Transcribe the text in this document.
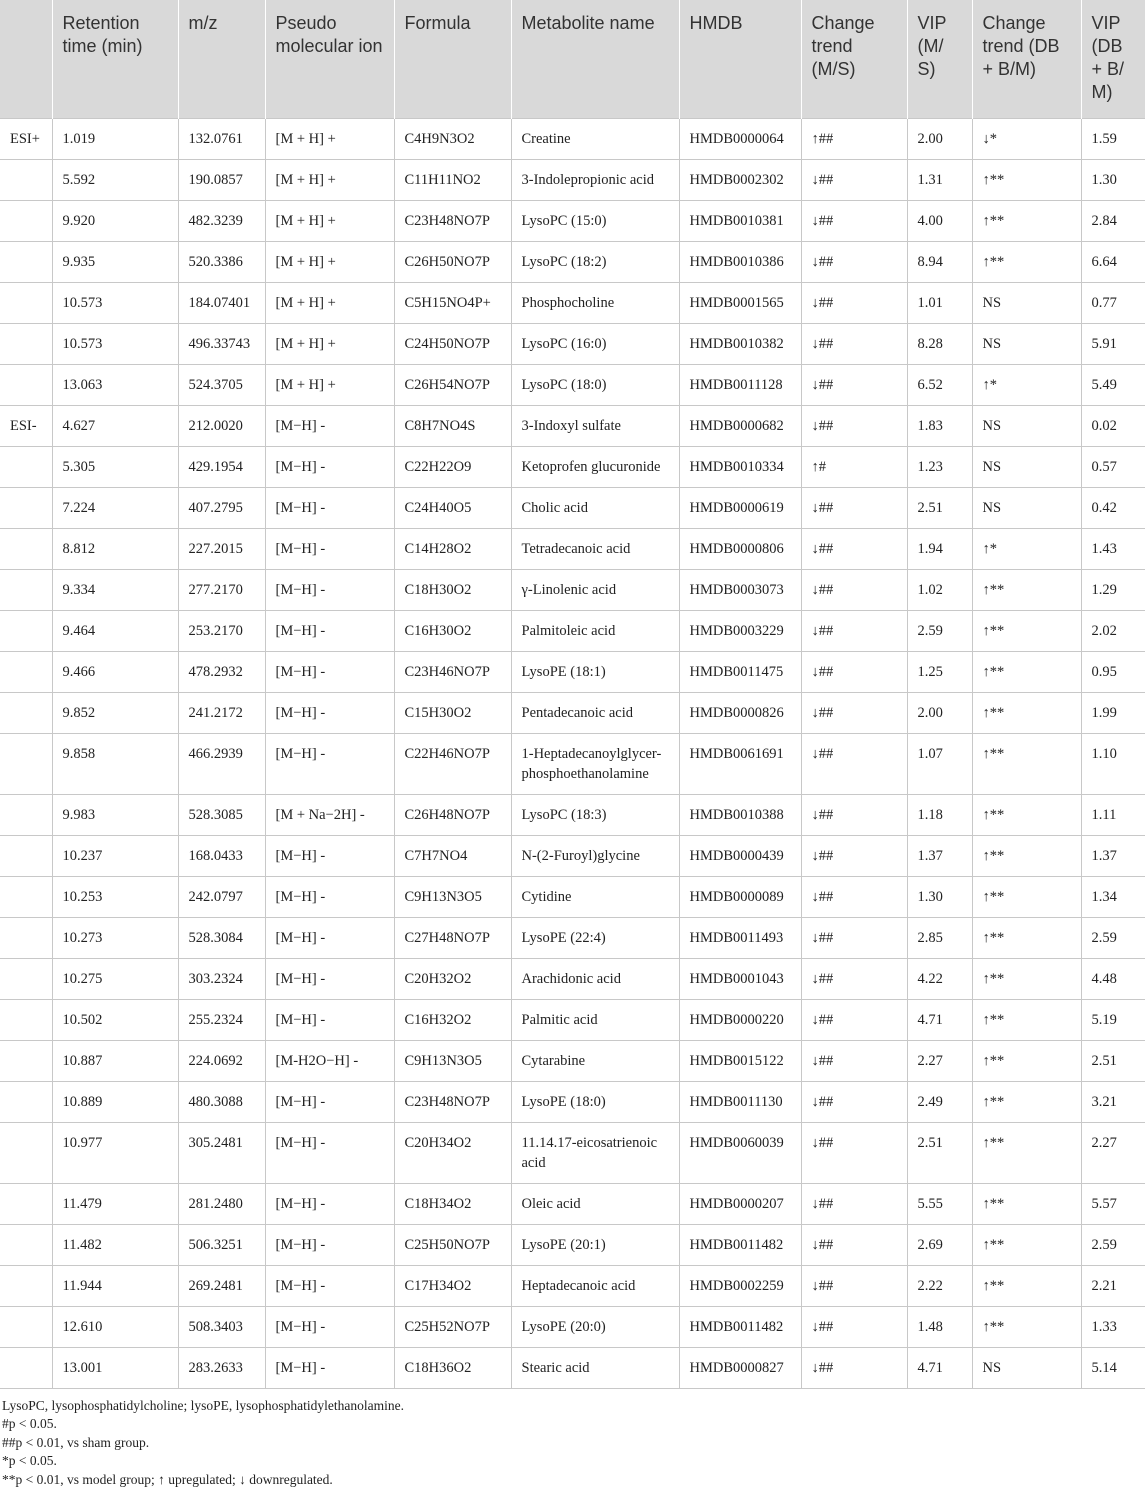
	Retention time (min)	m/z	Pseudo molecular ion	Formula	Metabolite name	HMDB	Change trend (M/S)	VIP (M/ S)	Change trend (DB + B/M)	VIP (DB + B/ M)
ESI+	1.019	132.0761	[M + H] +	C4H9N3O2	Creatine	HMDB0000064	↑##	2.00	↓*	1.59
	5.592	190.0857	[M + H] +	C11H11NO2	3-Indolepropionic acid	HMDB0002302	↓##	1.31	↑**	1.30
	9.920	482.3239	[M + H] +	C23H48NO7P	LysoPC (15:0)	HMDB0010381	↓##	4.00	↑**	2.84
	9.935	520.3386	[M + H] +	C26H50NO7P	LysoPC (18:2)	HMDB0010386	↓##	8.94	↑**	6.64
	10.573	184.07401	[M + H] +	C5H15NO4P+	Phosphocholine	HMDB0001565	↓##	1.01	NS	0.77
	10.573	496.33743	[M + H] +	C24H50NO7P	LysoPC (16:0)	HMDB0010382	↓##	8.28	NS	5.91
	13.063	524.3705	[M + H] +	C26H54NO7P	LysoPC (18:0)	HMDB0011128	↓##	6.52	↑*	5.49
ESI-	4.627	212.0020	[M−H] -	C8H7NO4S	3-Indoxyl sulfate	HMDB0000682	↓##	1.83	NS	0.02
	5.305	429.1954	[M−H] -	C22H22O9	Ketoprofen glucuronide	HMDB0010334	↑#	1.23	NS	0.57
	7.224	407.2795	[M−H] -	C24H40O5	Cholic acid	HMDB0000619	↓##	2.51	NS	0.42
	8.812	227.2015	[M−H] -	C14H28O2	Tetradecanoic acid	HMDB0000806	↓##	1.94	↑*	1.43
	9.334	277.2170	[M−H] -	C18H30O2	γ-Linolenic acid	HMDB0003073	↓##	1.02	↑**	1.29
	9.464	253.2170	[M−H] -	C16H30O2	Palmitoleic acid	HMDB0003229	↓##	2.59	↑**	2.02
	9.466	478.2932	[M−H] -	C23H46NO7P	LysoPE (18:1)	HMDB0011475	↓##	1.25	↑**	0.95
	9.852	241.2172	[M−H] -	C15H30O2	Pentadecanoic acid	HMDB0000826	↓##	2.00	↑**	1.99
	9.858	466.2939	[M−H] -	C22H46NO7P	1-Heptadecanoylglycer-phosphoethanolamine	HMDB0061691	↓##	1.07	↑**	1.10
	9.983	528.3085	[M + Na−2H] -	C26H48NO7P	LysoPC (18:3)	HMDB0010388	↓##	1.18	↑**	1.11
	10.237	168.0433	[M−H] -	C7H7NO4	N-(2-Furoyl)glycine	HMDB0000439	↓##	1.37	↑**	1.37
	10.253	242.0797	[M−H] -	C9H13N3O5	Cytidine	HMDB0000089	↓##	1.30	↑**	1.34
	10.273	528.3084	[M−H] -	C27H48NO7P	LysoPE (22:4)	HMDB0011493	↓##	2.85	↑**	2.59
	10.275	303.2324	[M−H] -	C20H32O2	Arachidonic acid	HMDB0001043	↓##	4.22	↑**	4.48
	10.502	255.2324	[M−H] -	C16H32O2	Palmitic acid	HMDB0000220	↓##	4.71	↑**	5.19
	10.887	224.0692	[M-H2O−H] -	C9H13N3O5	Cytarabine	HMDB0015122	↓##	2.27	↑**	2.51
	10.889	480.3088	[M−H] -	C23H48NO7P	LysoPE (18:0)	HMDB0011130	↓##	2.49	↑**	3.21
	10.977	305.2481	[M−H] -	C20H34O2	11.14.17-eicosatrienoic acid	HMDB0060039	↓##	2.51	↑**	2.27
	11.479	281.2480	[M−H] -	C18H34O2	Oleic acid	HMDB0000207	↓##	5.55	↑**	5.57
	11.482	506.3251	[M−H] -	C25H50NO7P	LysoPE (20:1)	HMDB0011482	↓##	2.69	↑**	2.59
	11.944	269.2481	[M−H] -	C17H34O2	Heptadecanoic acid	HMDB0002259	↓##	2.22	↑**	2.21
	12.610	508.3403	[M−H] -	C25H52NO7P	LysoPE (20:0)	HMDB0011482	↓##	1.48	↑**	1.33
	13.001	283.2633	[M−H] -	C18H36O2	Stearic acid	HMDB0000827	↓##	4.71	NS	5.14
LysoPC, lysophosphatidylcholine; lysoPE, lysophosphatidylethanolamine.
#p < 0.05.
##p < 0.01, vs sham group.
*p < 0.05.
**p < 0.01, vs model group; ↑ upregulated; ↓ downregulated.
